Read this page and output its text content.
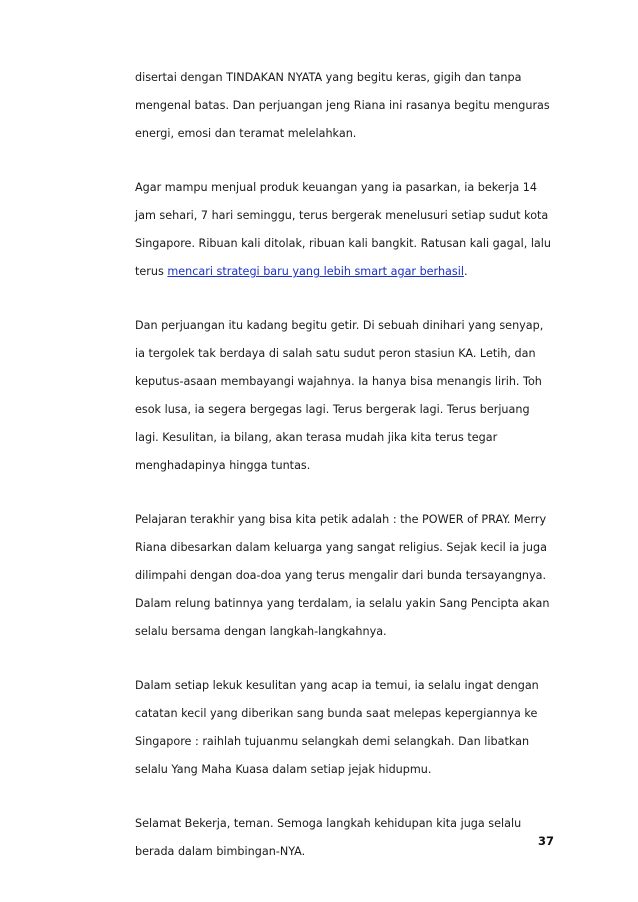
disertai dengan TINDAKAN NYATA yang begitu keras, gigih dan tanpa
mengenal batas. Dan perjuangan jeng Riana ini rasanya begitu menguras
energi, emosi dan teramat melelahkan.

Agar mampu menjual produk keuangan yang ia pasarkan, ia bekerja 14
jam sehari, 7 hari seminggu, terus bergerak menelusuri setiap sudut kota
Singapore. Ribuan kali ditolak, ribuan kali bangkit. Ratusan kali gagal, lalu
terus mencari strategi baru yang lebih smart agar berhasil.

Dan perjuangan itu kadang begitu getir. Di sebuah dinihari yang senyap,
ia tergolek tak berdaya di salah satu sudut peron stasiun KA. Letih, dan
keputus-asaan membayangi wajahnya. Ia hanya bisa menangis lirih. Toh
esok lusa, ia segera bergegas lagi. Terus bergerak lagi. Terus berjuang
lagi. Kesulitan, ia bilang, akan terasa mudah jika kita terus tegar
menghadapinya hingga tuntas.

Pelajaran terakhir yang bisa kita petik adalah : the POWER of PRAY. Merry
Riana dibesarkan dalam keluarga yang sangat religius. Sejak kecil ia juga
dilimpahi dengan doa-doa yang terus mengalir dari bunda tersayangnya.
Dalam relung batinnya yang terdalam, ia selalu yakin Sang Pencipta akan
selalu bersama dengan langkah-langkahnya.

Dalam setiap lekuk kesulitan yang acap ia temui, ia selalu ingat dengan
catatan kecil yang diberikan sang bunda saat melepas kepergiannya ke
Singapore : raihlah tujuanmu selangkah demi selangkah. Dan libatkan
selalu Yang Maha Kuasa dalam setiap jejak hidupmu.

Selamat Bekerja, teman. Semoga langkah kehidupan kita juga selalu
berada dalam bimbingan-NYA.

37
